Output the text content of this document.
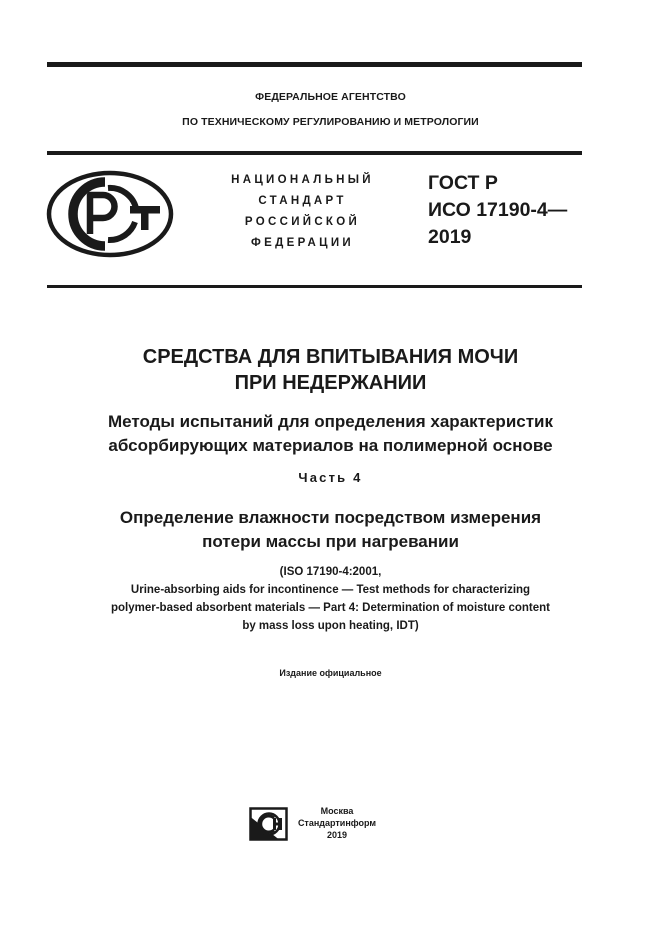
ФЕДЕРАЛЬНОЕ АГЕНТСТВО
ПО ТЕХНИЧЕСКОМУ РЕГУЛИРОВАНИЮ И МЕТРОЛОГИИ
НАЦИОНАЛЬНЫЙ
СТАНДАРТ
РОССИЙСКОЙ
ФЕДЕРАЦИИ
ГОСТ Р
ИСО 17190-4—
2019
СРЕДСТВА ДЛЯ ВПИТЫВАНИЯ МОЧИ
ПРИ НЕДЕРЖАНИИ
Методы испытаний для определения характеристик
абсорбирующих материалов на полимерной основе
Часть 4
Определение влажности посредством измерения
потери массы при нагревании
(ISO 17190-4:2001,
Urine-absorbing aids for incontinence — Test methods for characterizing
polymer-based absorbent materials — Part 4: Determination of moisture content
by mass loss upon heating, IDT)
Издание официальное
Москва
Стандартинформ
2019
